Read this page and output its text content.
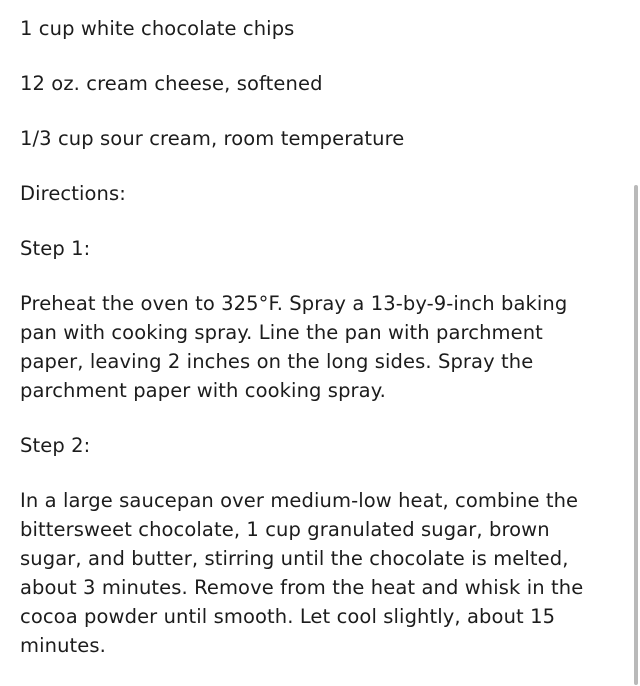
1 cup white chocolate chips

12 oz. cream cheese, softened

1/3 cup sour cream, room temperature

Directions:

Step 1:

Preheat the oven to 325°F. Spray a 13-by-9-inch baking pan with cooking spray. Line the pan with parchment paper, leaving 2 inches on the long sides. Spray the parchment paper with cooking spray.

Step 2:

In a large saucepan over medium-low heat, combine the bittersweet chocolate, 1 cup granulated sugar, brown sugar, and butter, stirring until the chocolate is melted, about 3 minutes. Remove from the heat and whisk in the cocoa powder until smooth. Let cool slightly, about 15 minutes.
